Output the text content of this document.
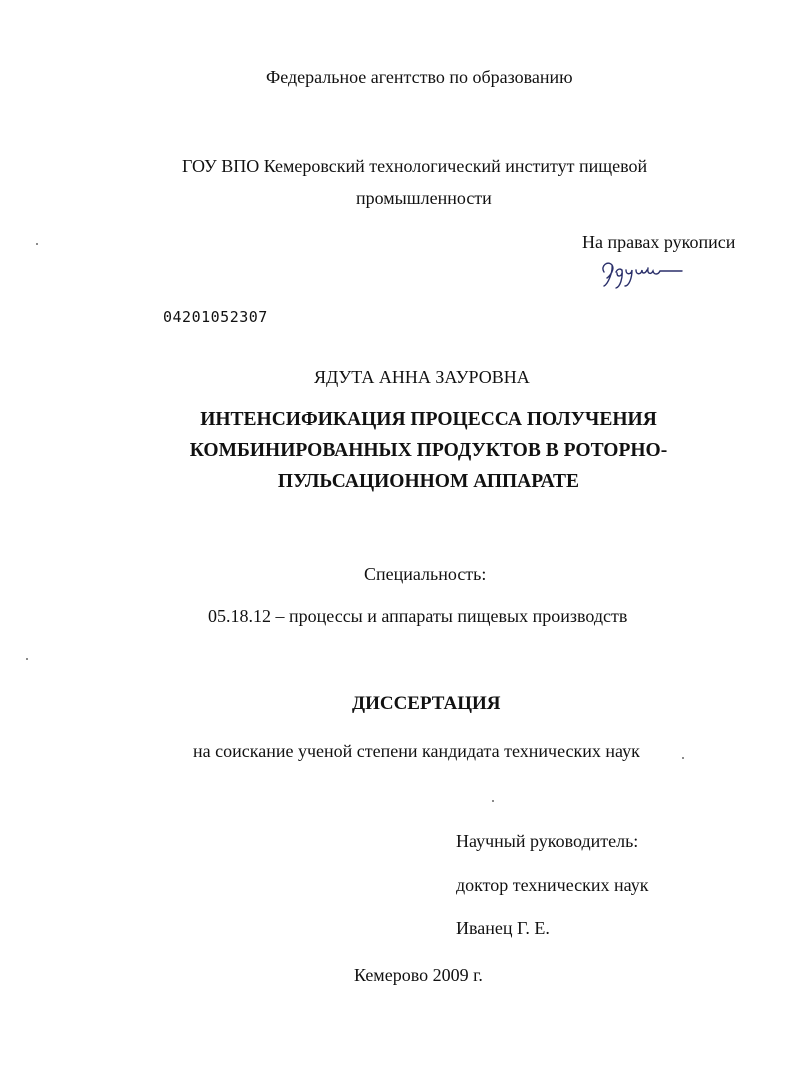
Федеральное агентство по образованию
ГОУ ВПО Кемеровский технологический институт пищевой
промышленности
На правах рукописи
04201052307
ЯДУТА АННА ЗАУРОВНА
ИНТЕНСИФИКАЦИЯ ПРОЦЕССА ПОЛУЧЕНИЯ
КОМБИНИРОВАННЫХ ПРОДУКТОВ В РОТОРНО-
ПУЛЬСАЦИОННОМ АППАРАТЕ
Специальность:
05.18.12 – процессы и аппараты пищевых производств
ДИССЕРТАЦИЯ
на соискание ученой степени кандидата технических наук
Научный руководитель:
доктор технических наук
Иванец Г. Е.
Кемерово 2009 г.
